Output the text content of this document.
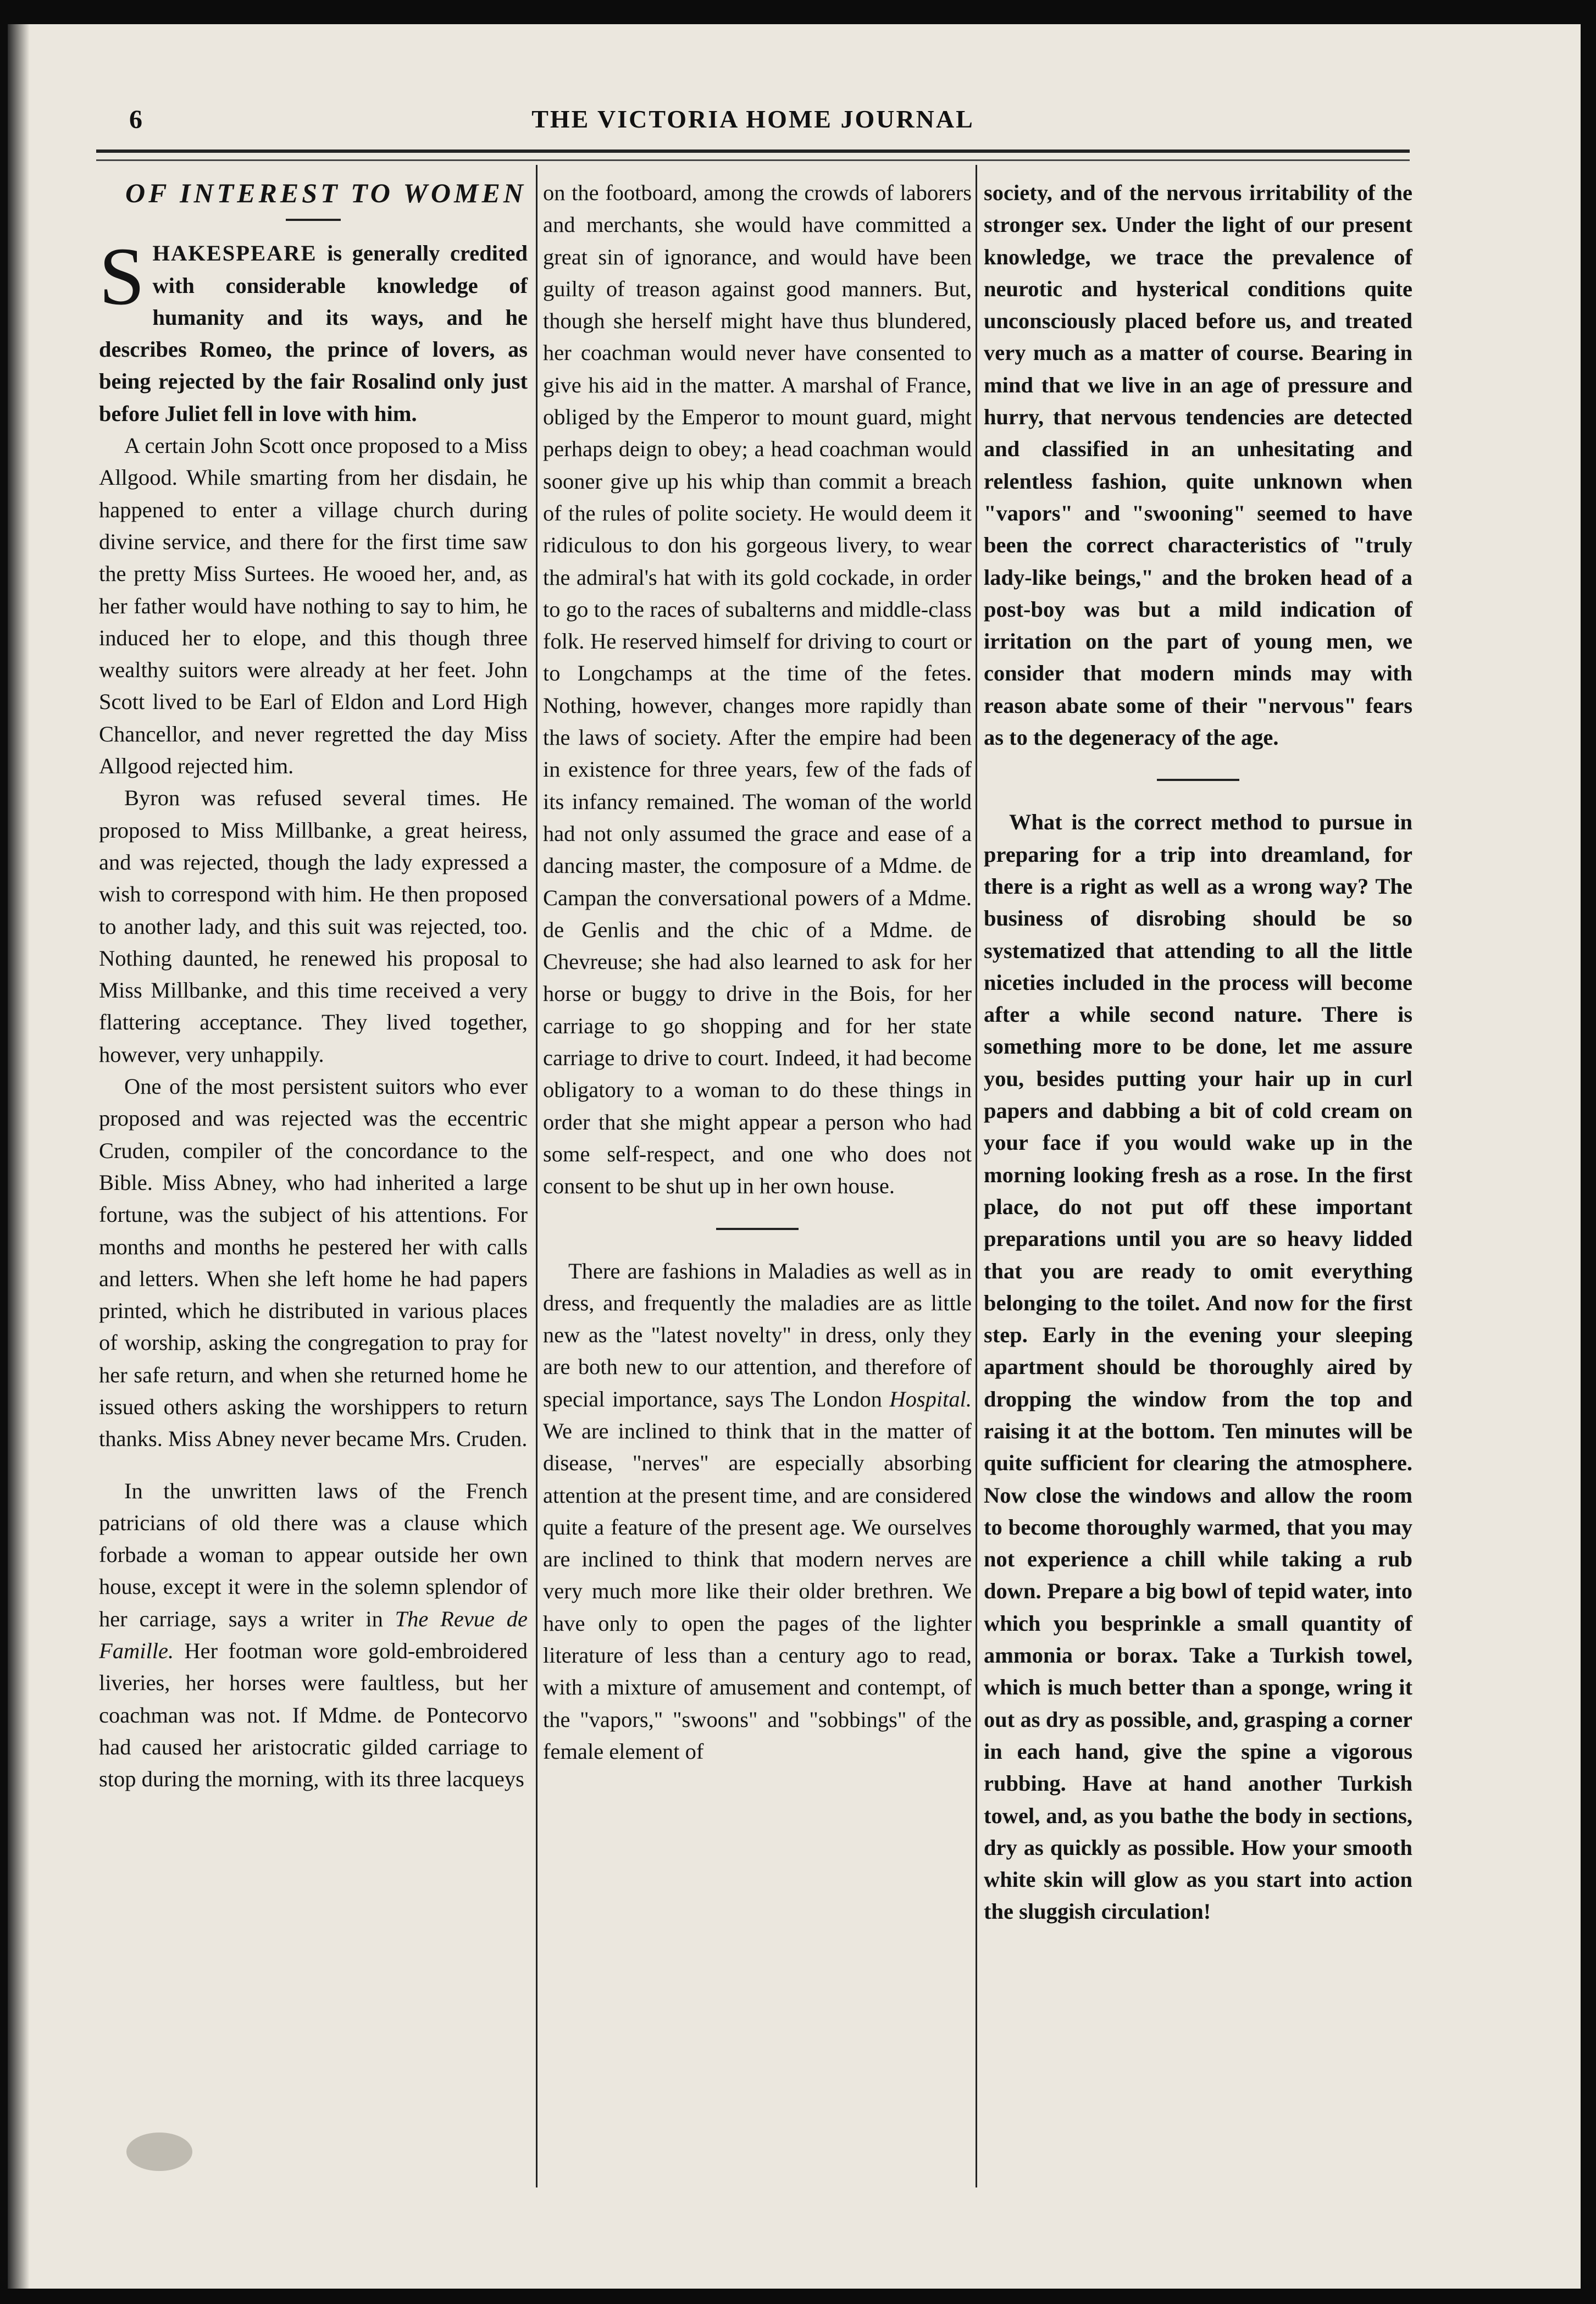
6	THE VICTORIA HOME JOURNAL

OF INTEREST TO WOMEN

SHAKESPEARE is generally credited with considerable knowledge of humanity and its ways, and he describes Romeo, the prince of lovers, as being rejected by the fair Rosalind only just before Juliet fell in love with him.

A certain John Scott once proposed to a Miss Allgood. While smarting from her disdain, he happened to enter a village church during divine service, and there for the first time saw the pretty Miss Surtees. He wooed her, and, as her father would have nothing to say to him, he induced her to elope, and this though three wealthy suitors were already at her feet. John Scott lived to be Earl of Eldon and Lord High Chancellor, and never regretted the day Miss Allgood rejected him.

Byron was refused several times. He proposed to Miss Millbanke, a great heiress, and was rejected, though the lady expressed a wish to correspond with him. He then proposed to another lady, and this suit was rejected, too. Nothing daunted, he renewed his proposal to Miss Millbanke, and this time received a very flattering acceptance. They lived together, however, very unhappily.

One of the most persistent suitors who ever proposed and was rejected was the eccentric Cruden, compiler of the concordance to the Bible. Miss Abney, who had inherited a large fortune, was the subject of his attentions. For months and months he pestered her with calls and letters. When she left home he had papers printed, which he distributed in various places of worship, asking the congregation to pray for her safe return, and when she returned home he issued others asking the worshippers to return thanks. Miss Abney never became Mrs. Cruden.

In the unwritten laws of the French patricians of old there was a clause which forbade a woman to appear outside her own house, except it were in the solemn splendor of her carriage, says a writer in The Revue de Famille. Her footman wore gold-embroidered liveries, her horses were faultless, but her coachman was not. If Mdme. de Pontecorvo had caused her aristocratic gilded carriage to stop during the morning, with its three lacqueys

on the footboard, among the crowds of laborers and merchants, she would have committed a great sin of ignorance, and would have been guilty of treason against good manners. But, though she herself might have thus blundered, her coachman would never have consented to give his aid in the matter. A marshal of France, obliged by the Emperor to mount guard, might perhaps deign to obey; a head coachman would sooner give up his whip than commit a breach of the rules of polite society. He would deem it ridiculous to don his gorgeous livery, to wear the admiral's hat with its gold cockade, in order to go to the races of subalterns and middle-class folk. He reserved himself for driving to court or to Longchamps at the time of the fetes. Nothing, however, changes more rapidly than the laws of society. After the empire had been in existence for three years, few of the fads of its infancy remained. The woman of the world had not only assumed the grace and ease of a dancing master, the composure of a Mdme. de Campan the conversational powers of a Mdme. de Genlis and the chic of a Mdme. de Chevreuse; she had also learned to ask for her horse or buggy to drive in the Bois, for her carriage to go shopping and for her state carriage to drive to court. Indeed, it had become obligatory to a woman to do these things in order that she might appear a person who had some self-respect, and one who does not consent to be shut up in her own house.

There are fashions in Maladies as well as in dress, and frequently the maladies are as little new as the "latest novelty" in dress, only they are both new to our attention, and therefore of special importance, says The London Hospital. We are inclined to think that in the matter of disease, "nerves" are especially absorbing attention at the present time, and are considered quite a feature of the present age. We ourselves are inclined to think that modern nerves are very much more like their older brethren. We have only to open the pages of the lighter literature of less than a century ago to read, with a mixture of amusement and contempt, of the "vapors," "swoons" and "sobbings" of the female element of

society, and of the nervous irritability of the stronger sex. Under the light of our present knowledge, we trace the prevalence of neurotic and hysterical conditions quite unconsciously placed before us, and treated very much as a matter of course. Bearing in mind that we live in an age of pressure and hurry, that nervous tendencies are detected and classified in an unhesitating and relentless fashion, quite unknown when "vapors" and "swooning" seemed to have been the correct characteristics of "truly lady-like beings," and the broken head of a post-boy was but a mild indication of irritation on the part of young men, we consider that modern minds may with reason abate some of their "nervous" fears as to the degeneracy of the age.

What is the correct method to pursue in preparing for a trip into dreamland, for there is a right as well as a wrong way? The business of disrobing should be so systematized that attending to all the little niceties included in the process will become after a while second nature. There is something more to be done, let me assure you, besides putting your hair up in curl papers and dabbing a bit of cold cream on your face if you would wake up in the morning looking fresh as a rose. In the first place, do not put off these important preparations until you are so heavy lidded that you are ready to omit everything belonging to the toilet. And now for the first step. Early in the evening your sleeping apartment should be thoroughly aired by dropping the window from the top and raising it at the bottom. Ten minutes will be quite sufficient for clearing the atmosphere. Now close the windows and allow the room to become thoroughly warmed, that you may not experience a chill while taking a rub down. Prepare a big bowl of tepid water, into which you besprinkle a small quantity of ammonia or borax. Take a Turkish towel, which is much better than a sponge, wring it out as dry as possible, and, grasping a corner in each hand, give the spine a vigorous rubbing. Have at hand another Turkish towel, and, as you bathe the body in sections, dry as quickly as possible. How your smooth white skin will glow as you start into action the sluggish circulation!
